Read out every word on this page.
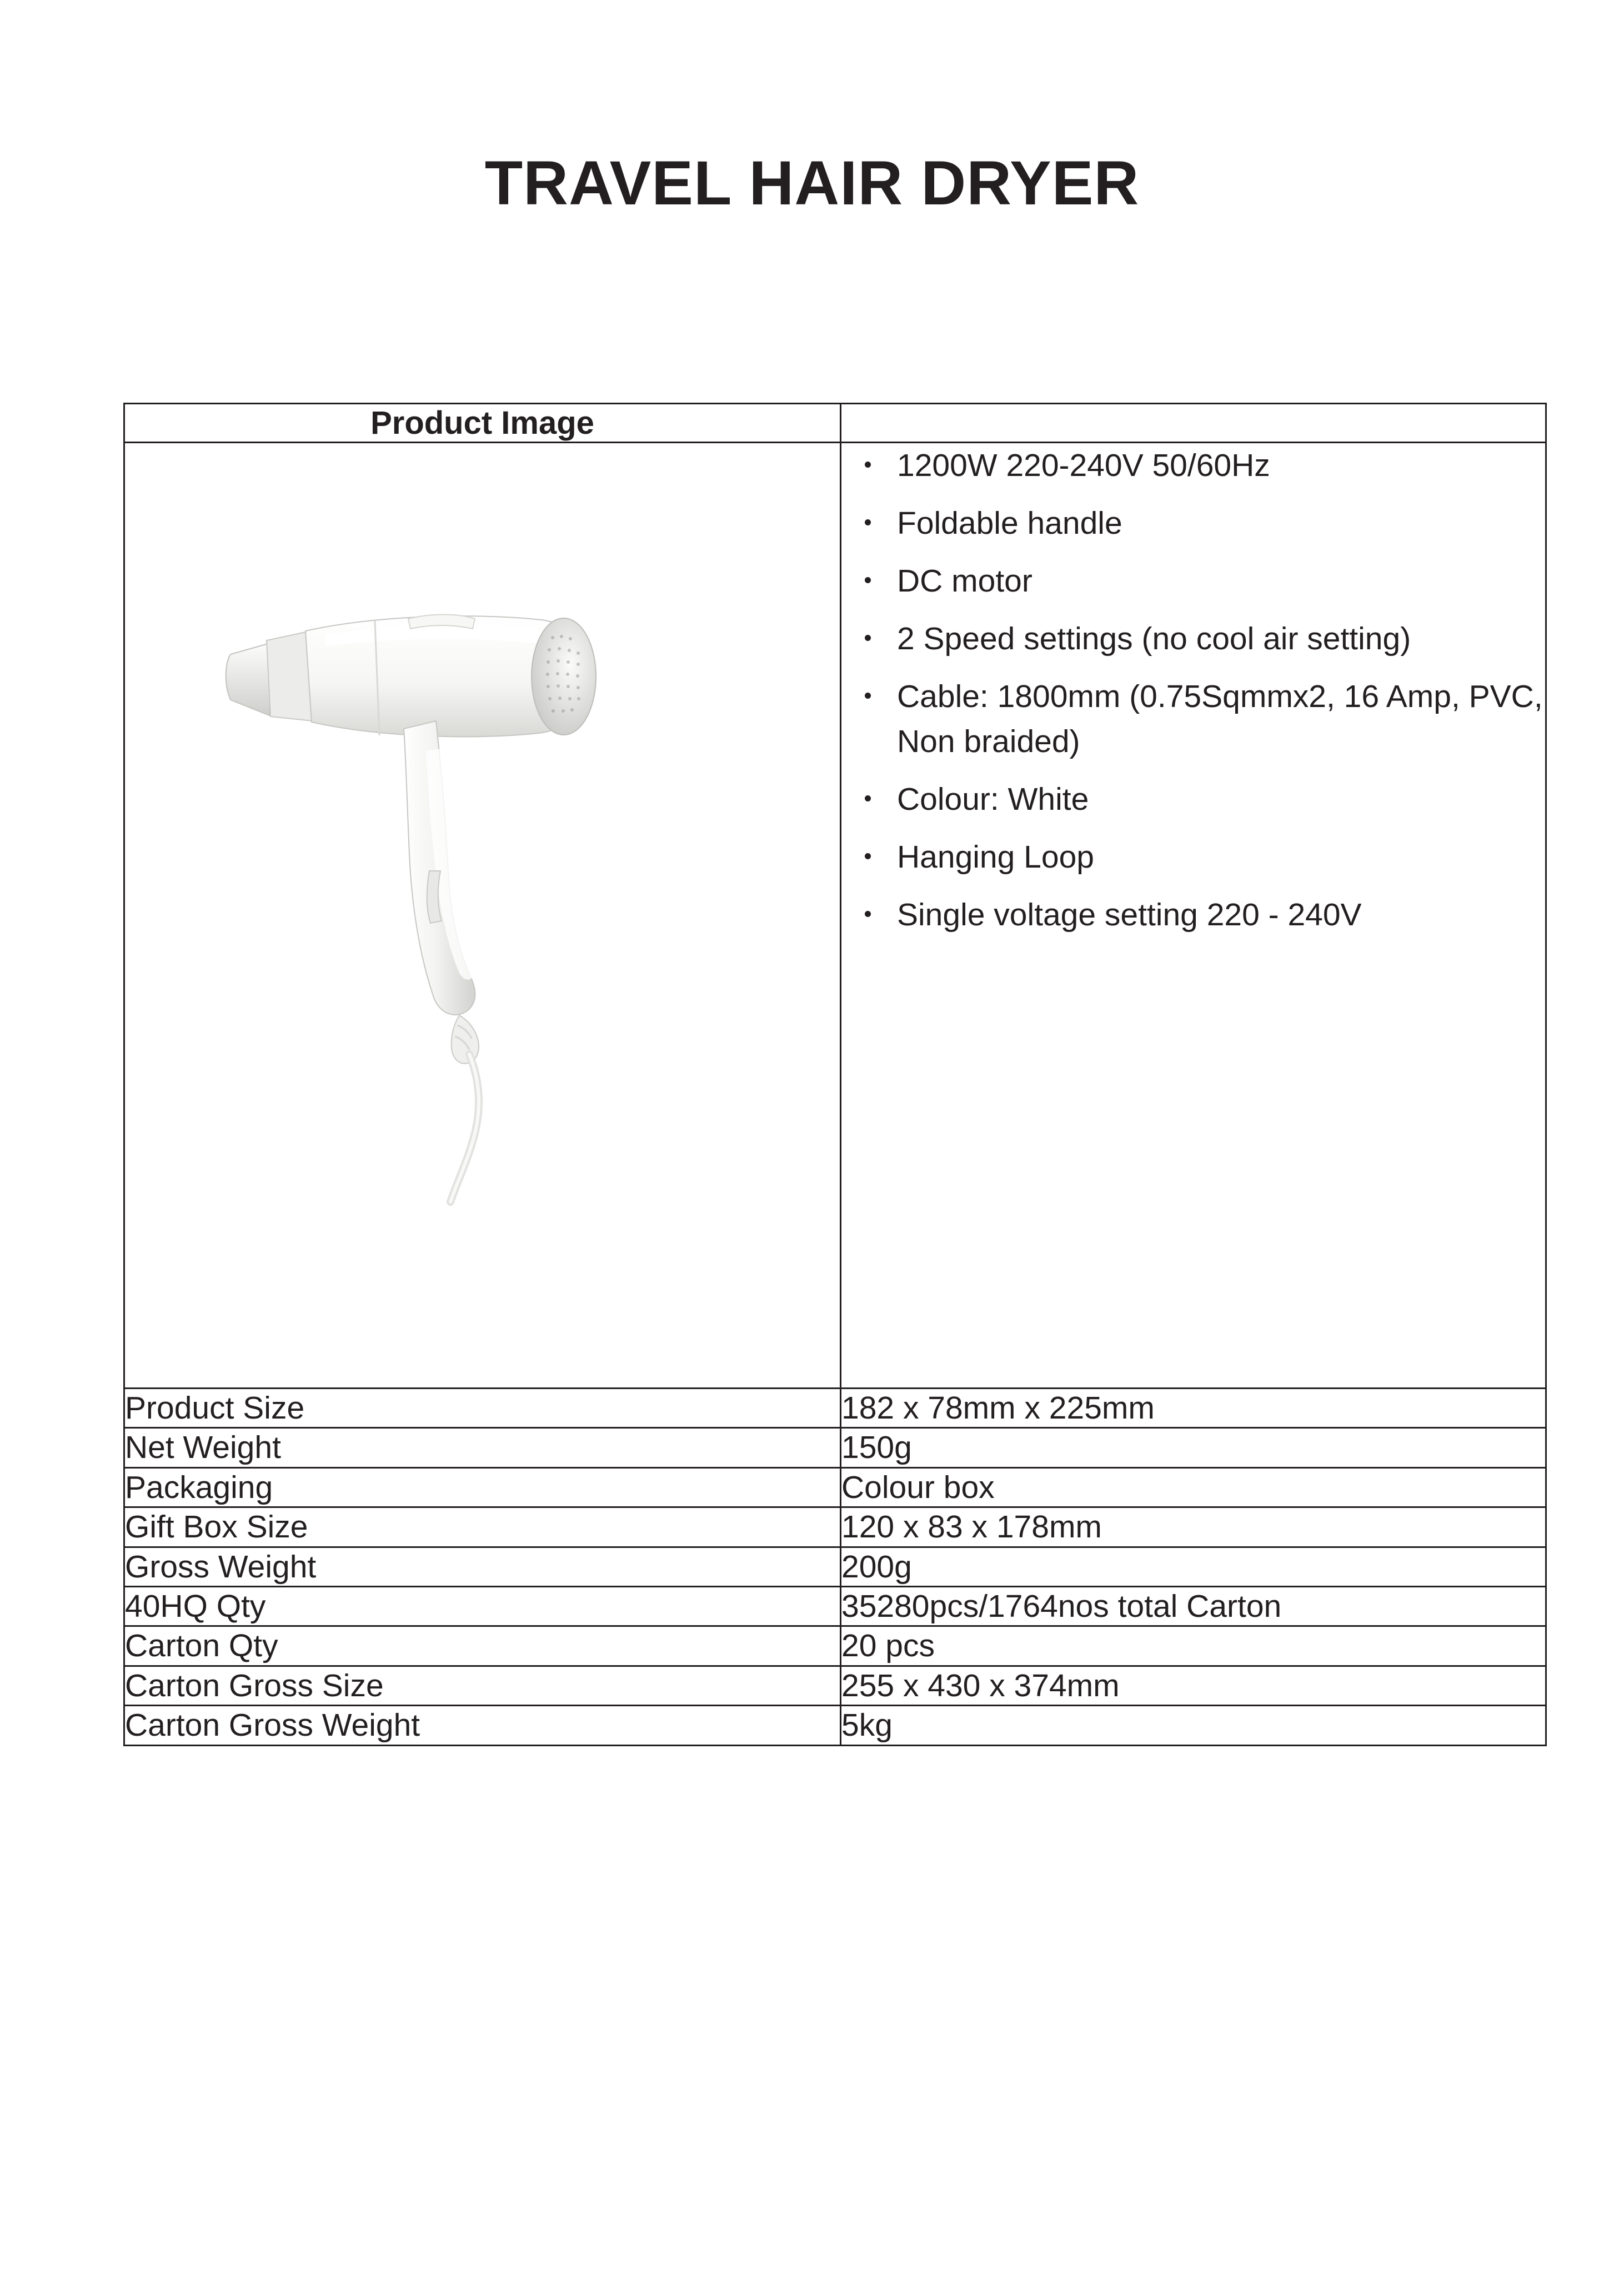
TRAVEL HAIR DRYER
Product Image	

1200W 220-240V 50/60Hz
Foldable handle
DC motor
2 Speed settings (no cool air setting)
Cable: 1800mm (0.75Sqmmx2, 16 Amp, PVC, Non braided)
Colour: White
Hanging Loop
Single voltage setting 220 - 240V

Product Size	182 x 78mm x 225mm
Net Weight	150g
Packaging	Colour box
Gift Box Size	120 x 83 x 178mm
Gross Weight	200g
40HQ Qty	35280pcs/1764nos total Carton
Carton Qty	20 pcs
Carton Gross Size	255 x 430 x 374mm
Carton Gross Weight	5kg
